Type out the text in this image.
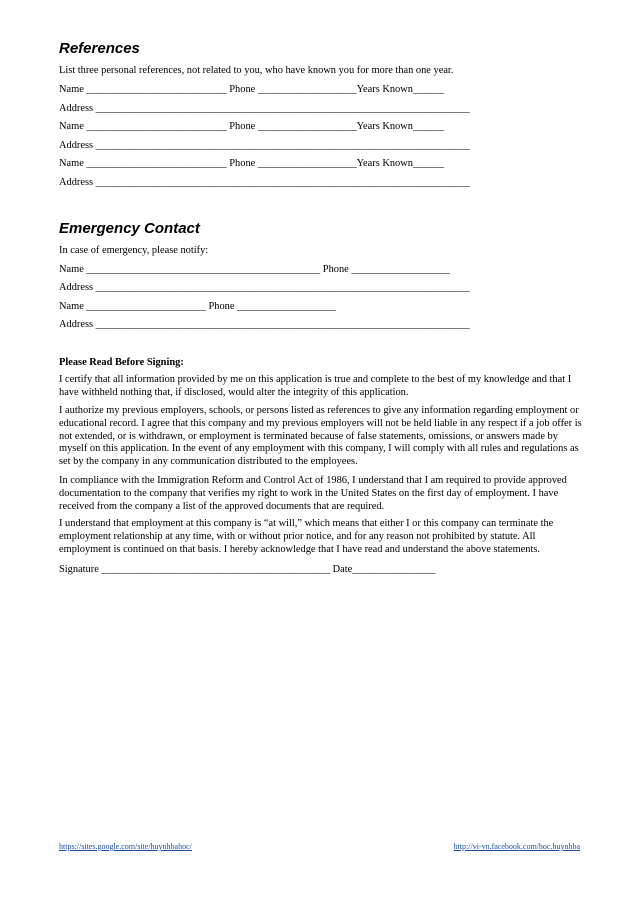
References
List three personal references, not related to you, who have known you for more than one year.
Name ___________________________ Phone ___________________Years Known______
Address ________________________________________________________________________
Name ___________________________ Phone ___________________Years Known______
Address ________________________________________________________________________
Name ___________________________ Phone ___________________Years Known______
Address ________________________________________________________________________
Emergency Contact
In case of emergency, please notify:
Name _____________________________________________ Phone ___________________
Address ________________________________________________________________________
Name _______________________ Phone ___________________
Address ________________________________________________________________________
Please Read Before Signing:
I certify that all information provided by me on this application is true and complete to the best of my knowledge and that I have withheld nothing that, if disclosed, would alter the integrity of this application.
I authorize my previous employers, schools, or persons listed as references to give any information regarding employment or educational record. I agree that this company and my previous employers will not be held liable in any respect if a job offer is not extended, or is withdrawn, or employment is terminated because of false statements, omissions, or answers made by myself on this application. In the event of any employment with this company, I will comply with all rules and regulations as set by the company in any communication distributed to the employees.
In compliance with the Immigration Reform and Control Act of 1986, I understand that I am required to provide approved documentation to the company that verifies my right to work in the United States on the first day of employment. I have received from the company a list of the approved documents that are required.
I understand that employment at this company is “at will,” which means that either I or this company can terminate the employment relationship at any time, with or without prior notice, and for any reason not prohibited by statute. All employment is continued on that basis. I hereby acknowledge that I have read and understand the above statements.
Signature ____________________________________________ Date________________
https://sites.google.com/site/huynhbahoc/	http://vi-vn.facebook.com/hoc.huynhba
